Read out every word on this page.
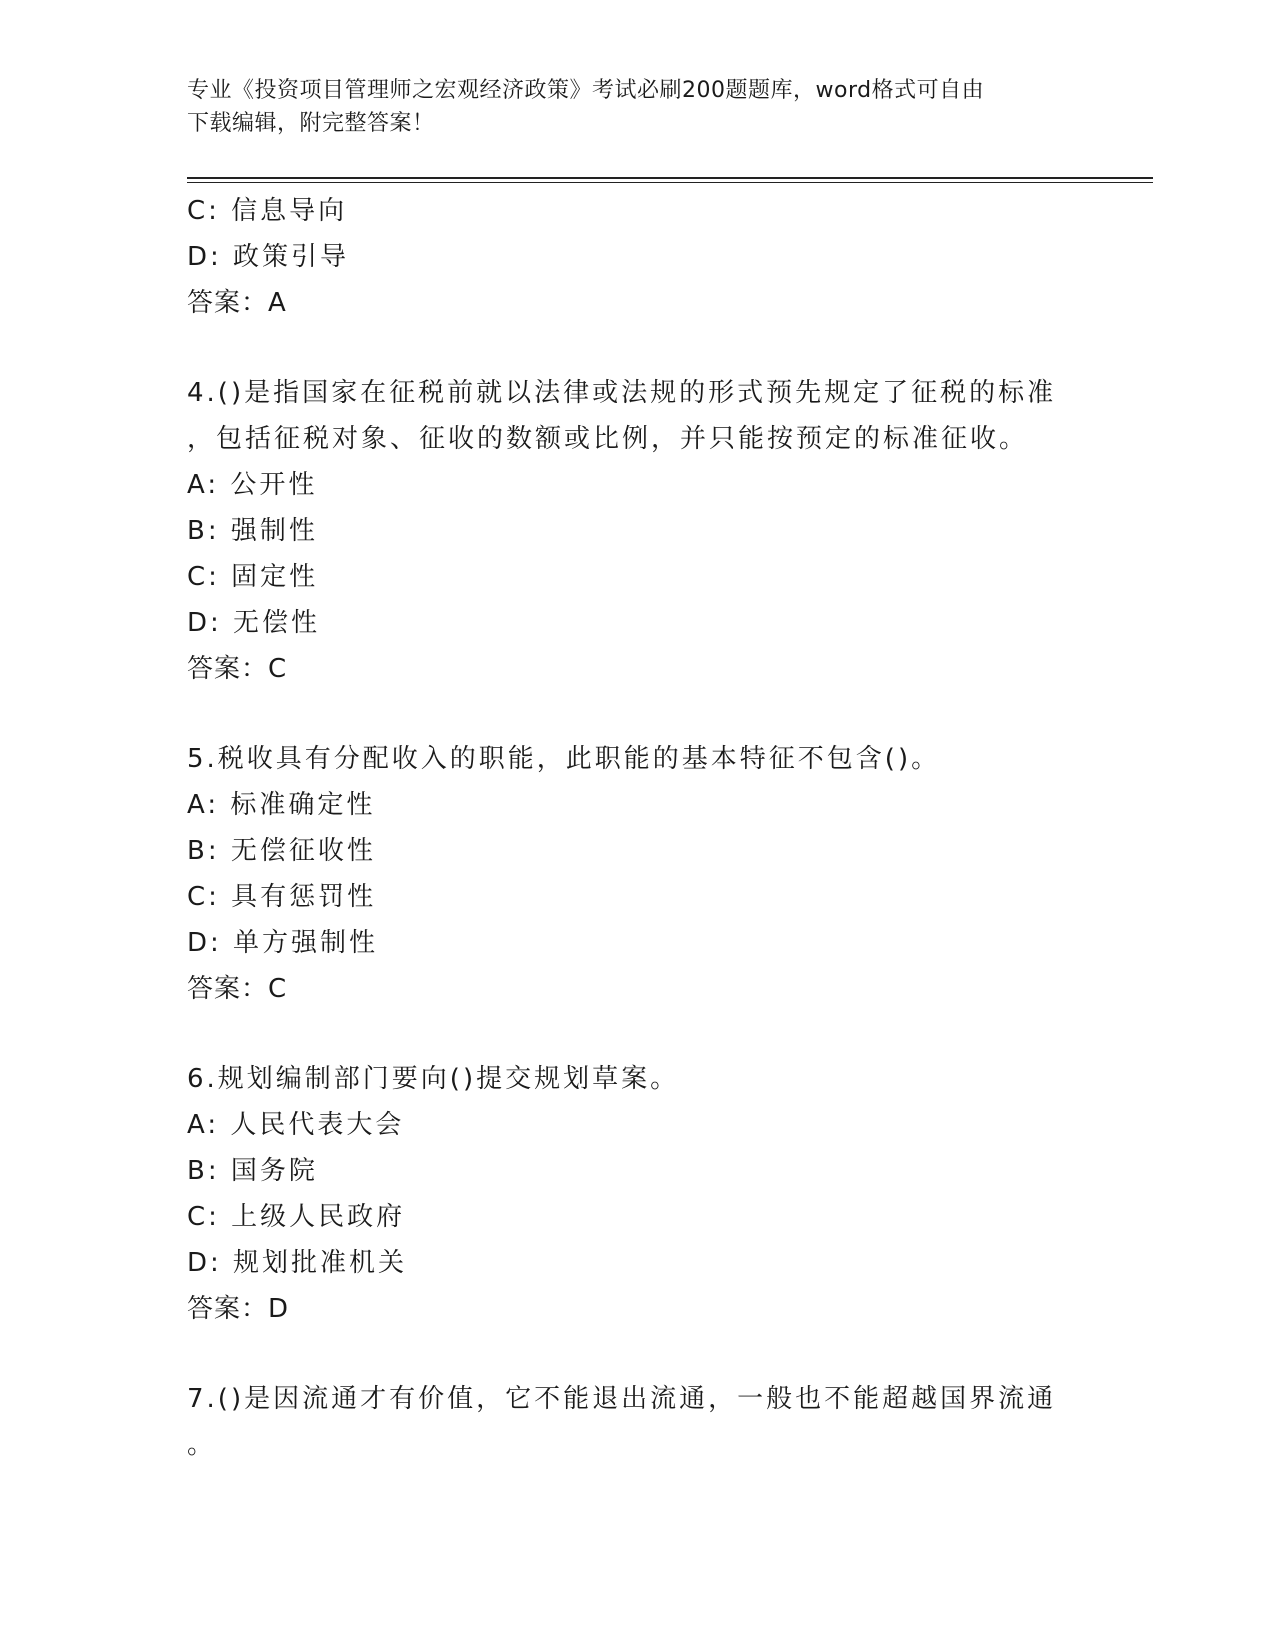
专业《投资项目管理师之宏观经济政策》考试必刷200题题库，word格式可自由
下载编辑，附完整答案！
C: 信息导向
D: 政策引导
答案：A
4.()是指国家在征税前就以法律或法规的形式预先规定了征税的标准
，包括征税对象、征收的数额或比例，并只能按预定的标准征收。
A: 公开性
B: 强制性
C: 固定性
D: 无偿性
答案：C
5.税收具有分配收入的职能，此职能的基本特征不包含()。
A: 标准确定性
B: 无偿征收性
C: 具有惩罚性
D: 单方强制性
答案：C
6.规划编制部门要向()提交规划草案。
A: 人民代表大会
B: 国务院
C: 上级人民政府
D: 规划批准机关
答案：D
7.()是因流通才有价值，它不能退出流通，一般也不能超越国界流通
。
